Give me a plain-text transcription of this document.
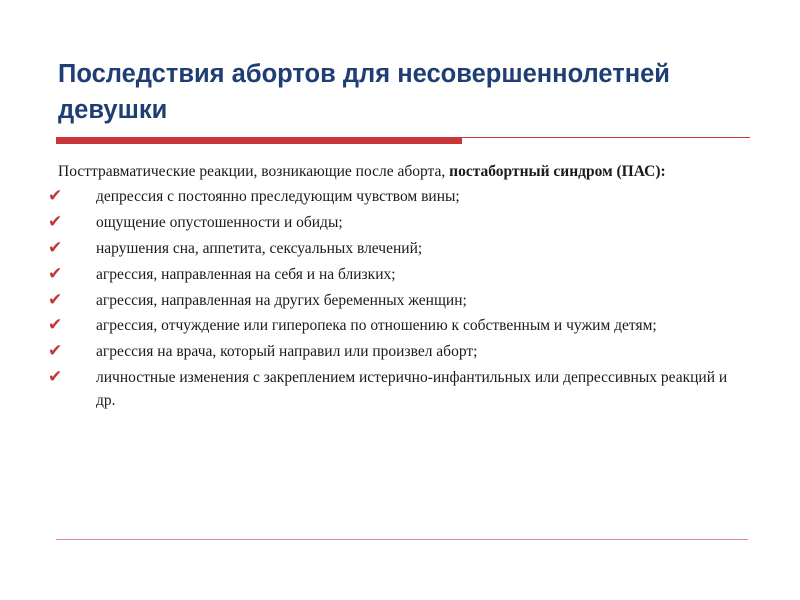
Последствия абортов для несовершеннолетней девушки

Посттравматические реакции, возникающие после аборта, постабортный синдром (ПАС):

✔ депрессия с постоянно преследующим чувством вины;
✔ ощущение опустошенности и обиды;
✔ нарушения сна, аппетита, сексуальных влечений;
✔ агрессия, направленная на себя и на близких;
✔ агрессия, направленная на других беременных женщин;
✔ агрессия, отчуждение или гиперопека по отношению к собственным и чужим детям;
✔ агрессия на врача, который направил или произвел аборт;
✔ личностные изменения с закреплением истерично-инфантильных или депрессивных реакций и др.
